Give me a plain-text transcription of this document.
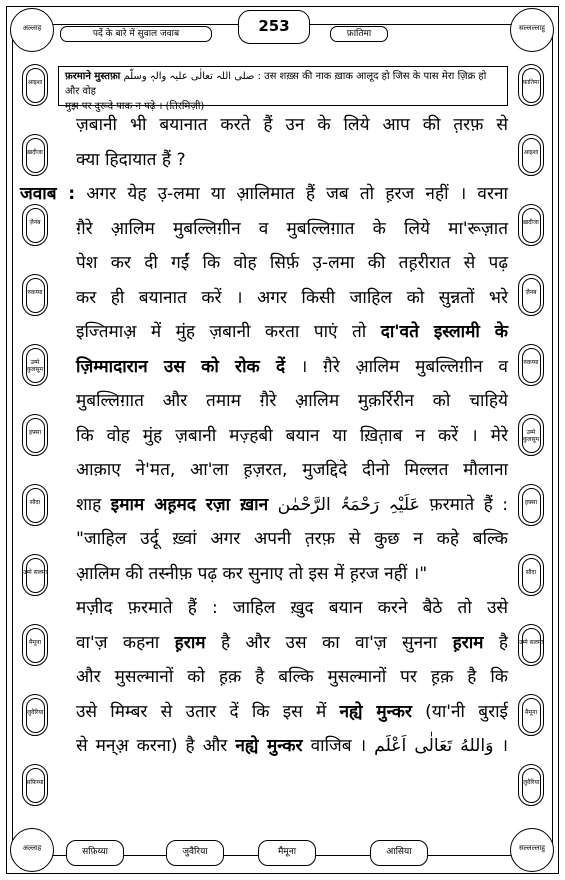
पर्दे के बारे में सुवाल जवाब	253	फ़ातिमा
अल्लाह	सल्लल्लाहु
आइशा
ख़दीजा
ज़ैनब
रुक़य्या
उम्मे कुलसूम
हफ़्सा
सौदा
उम्मे सलमा
मैमूना
जुवैरिया
सफ़िय्या
फ़ातिमा
आइशा
ख़दीजा
ज़ैनब
रुक़य्या
उम्मे कुलसूम
हफ़्सा
सौदा
उम्मे सलमा
मैमूना
जुवैरिया
फ़रमाने मुस्तफ़ा صلی اللہ تعالٰی علیہ والہٖ وسلّم : उस शख़्स की नाक ख़ाक आलूद हो जिस के पास मेरा ज़िक्र हो और वोह
मुझ पर दुरूदे पाक न पढ़े । (तिरमिज़ी)
ज़बानी भी बयानात करते हैं उन के लिये आप की त़रफ़ से
क्या हिदायात हैं ?
जवाब : अगर येह उ़-लमा या आ़लिमात हैं जब तो ह़रज नहीं । वरना
ग़ैरे आ़लिम मुबल्लिग़ीन व मुबल्लिग़ात के लिये मा'रूज़ात
पेश कर दी गईं कि वोह सिर्फ़ उ़-लमा की तह़रीरात से पढ़
कर ही बयानात करें । अगर किसी जाहिल को सुन्नतों भरे
इज्तिमाअ़ में मुंह ज़बानी करता पाएं तो दा'वते इस्लामी के
ज़िम्मादारान उस को रोक दें । ग़ैरे आ़लिम मुबल्लिग़ीन व
मुबल्लिग़ात और तमाम ग़ैरे आ़लिम मुक़र्रिरीन को चाहिये
कि वोह मुंह ज़बानी मज़्हबी बयान या ख़ित़ाब न करें । मेरे
आक़ाए ने'मत, आ'ला ह़ज़रत, मुजद्दिदे दीनो मिल्लत मौलाना
शाह इमाम अह़मद रज़ा ख़ान عَلَیْہِ رَحْمَۃُ الرَّحْمٰن फ़रमाते हैं :
"जाहिल उर्दू ख़्वां अगर अपनी त़रफ़ से कुछ न कहे बल्कि
आ़लिम की तस्नीफ़ पढ़ कर सुनाए तो इस में ह़रज नहीं ।"
मज़ीद फ़रमाते हैं : जाहिल ख़ुद बयान करने बैठे तो उसे
वा'ज़ कहना ह़राम है और उस का वा'ज़ सुनना ह़राम है
और मुसल्मानों को ह़क़ है बल्कि मुसल्मानों पर ह़क़ है कि
उसे मिम्बर से उतार दें कि इस में नह्ये मुन्कर (या'नी बुराई
से मन्अ़ करना) है और नह्ये मुन्कर वाजिब । وَاللهُ تَعَالٰی اَعْلَم ।
अल्लाह	सल्लल्लाहु
सफ़िय्या	जुवैरिया	मैमूना	आसिया
